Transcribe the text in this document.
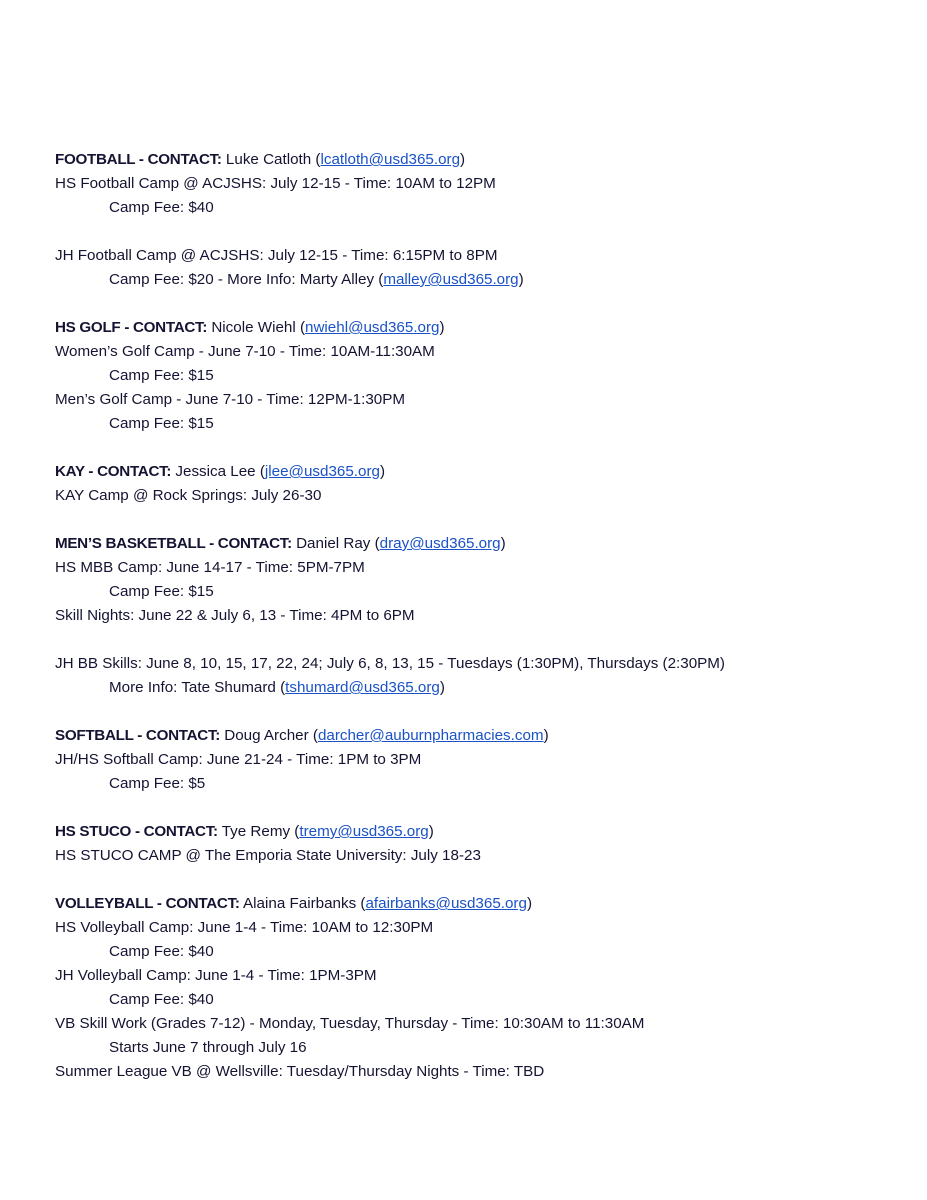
FOOTBALL - CONTACT: Luke Catloth (lcatloth@usd365.org)
HS Football Camp @ ACJSHS: July 12-15 - Time: 10AM to 12PM
Camp Fee: $40
JH Football Camp @ ACJSHS: July 12-15 - Time: 6:15PM to 8PM
Camp Fee: $20 - More Info: Marty Alley (malley@usd365.org)
HS GOLF - CONTACT: Nicole Wiehl (nwiehl@usd365.org)
Women’s Golf Camp - June 7-10 - Time: 10AM-11:30AM
Camp Fee: $15
Men’s Golf Camp - June 7-10 - Time: 12PM-1:30PM
Camp Fee: $15
KAY - CONTACT: Jessica Lee (jlee@usd365.org)
KAY Camp @ Rock Springs: July 26-30
MEN’S BASKETBALL - CONTACT: Daniel Ray (dray@usd365.org)
HS MBB Camp: June 14-17 - Time: 5PM-7PM
Camp Fee: $15
Skill Nights: June 22 & July 6, 13 - Time: 4PM to 6PM
JH BB Skills: June 8, 10, 15, 17, 22, 24; July 6, 8, 13, 15 - Tuesdays (1:30PM), Thursdays (2:30PM)
More Info: Tate Shumard (tshumard@usd365.org)
SOFTBALL - CONTACT: Doug Archer (darcher@auburnpharmacies.com)
JH/HS Softball Camp: June 21-24 - Time: 1PM to 3PM
Camp Fee: $5
HS STUCO - CONTACT: Tye Remy (tremy@usd365.org)
HS STUCO CAMP @ The Emporia State University: July 18-23
VOLLEYBALL - CONTACT: Alaina Fairbanks (afairbanks@usd365.org)
HS Volleyball Camp: June 1-4 - Time: 10AM to 12:30PM
Camp Fee: $40
JH Volleyball Camp: June 1-4 - Time: 1PM-3PM
Camp Fee: $40
VB Skill Work (Grades 7-12) - Monday, Tuesday, Thursday - Time: 10:30AM to 11:30AM
Starts June 7 through July 16
Summer League VB @ Wellsville: Tuesday/Thursday Nights - Time: TBD
